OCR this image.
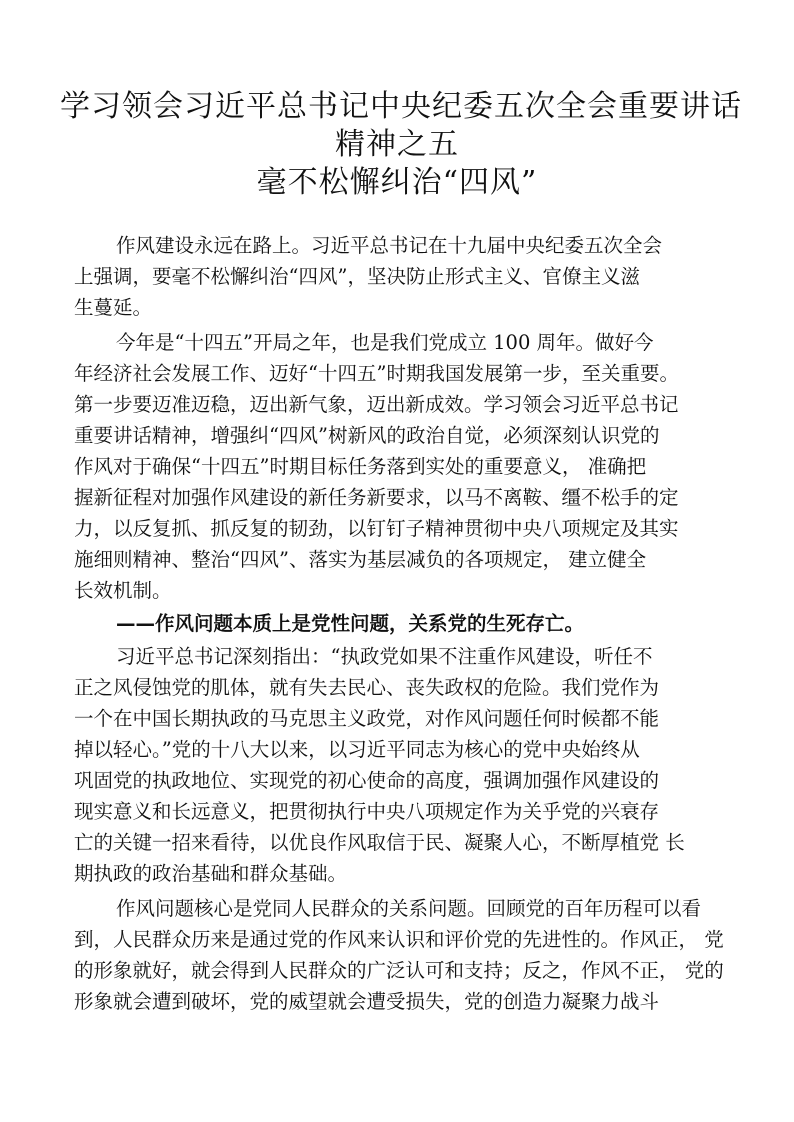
学习领会习近平总书记中央纪委五次全会重要讲话
精神之五
毫不松懈纠治“四风”
作风建设永远在路上。习近平总书记在十九届中央纪委五次全会
上强调，要毫不松懈纠治“四风”，坚决防止形式主义、官僚主义滋
生蔓延。
今年是“十四五”开局之年，也是我们党成立 100 周年。做好今
年经济社会发展工作、迈好“十四五”时期我国发展第一步，至关重要。
第一步要迈准迈稳，迈出新气象，迈出新成效。学习领会习近平总书记
重要讲话精神，增强纠“四风”树新风的政治自觉，必须深刻认识党的
作风对于确保“十四五”时期目标任务落到实处的重要意义， 准确把
握新征程对加强作风建设的新任务新要求，以马不离鞍、缰不松手的定
力，以反复抓、抓反复的韧劲，以钉钉子精神贯彻中央八项规定及其实
施细则精神、整治“四风”、落实为基层减负的各项规定， 建立健全
长效机制。
——作风问题本质上是党性问题，关系党的生死存亡。
习近平总书记深刻指出：“执政党如果不注重作风建设，听任不
正之风侵蚀党的肌体，就有失去民心、丧失政权的危险。我们党作为
一个在中国长期执政的马克思主义政党，对作风问题任何时候都不能
掉以轻心。”党的十八大以来，以习近平同志为核心的党中央始终从
巩固党的执政地位、实现党的初心使命的高度，强调加强作风建设的
现实意义和长远意义，把贯彻执行中央八项规定作为关乎党的兴衰存
亡的关键一招来看待，以优良作风取信于民、凝聚人心，不断厚植党 长
期执政的政治基础和群众基础。
作风问题核心是党同人民群众的关系问题。回顾党的百年历程可以看
到，人民群众历来是通过党的作风来认识和评价党的先进性的。作风正， 党
的形象就好，就会得到人民群众的广泛认可和支持；反之，作风不正， 党的
形象就会遭到破坏，党的威望就会遭受损失，党的创造力凝聚力战斗
